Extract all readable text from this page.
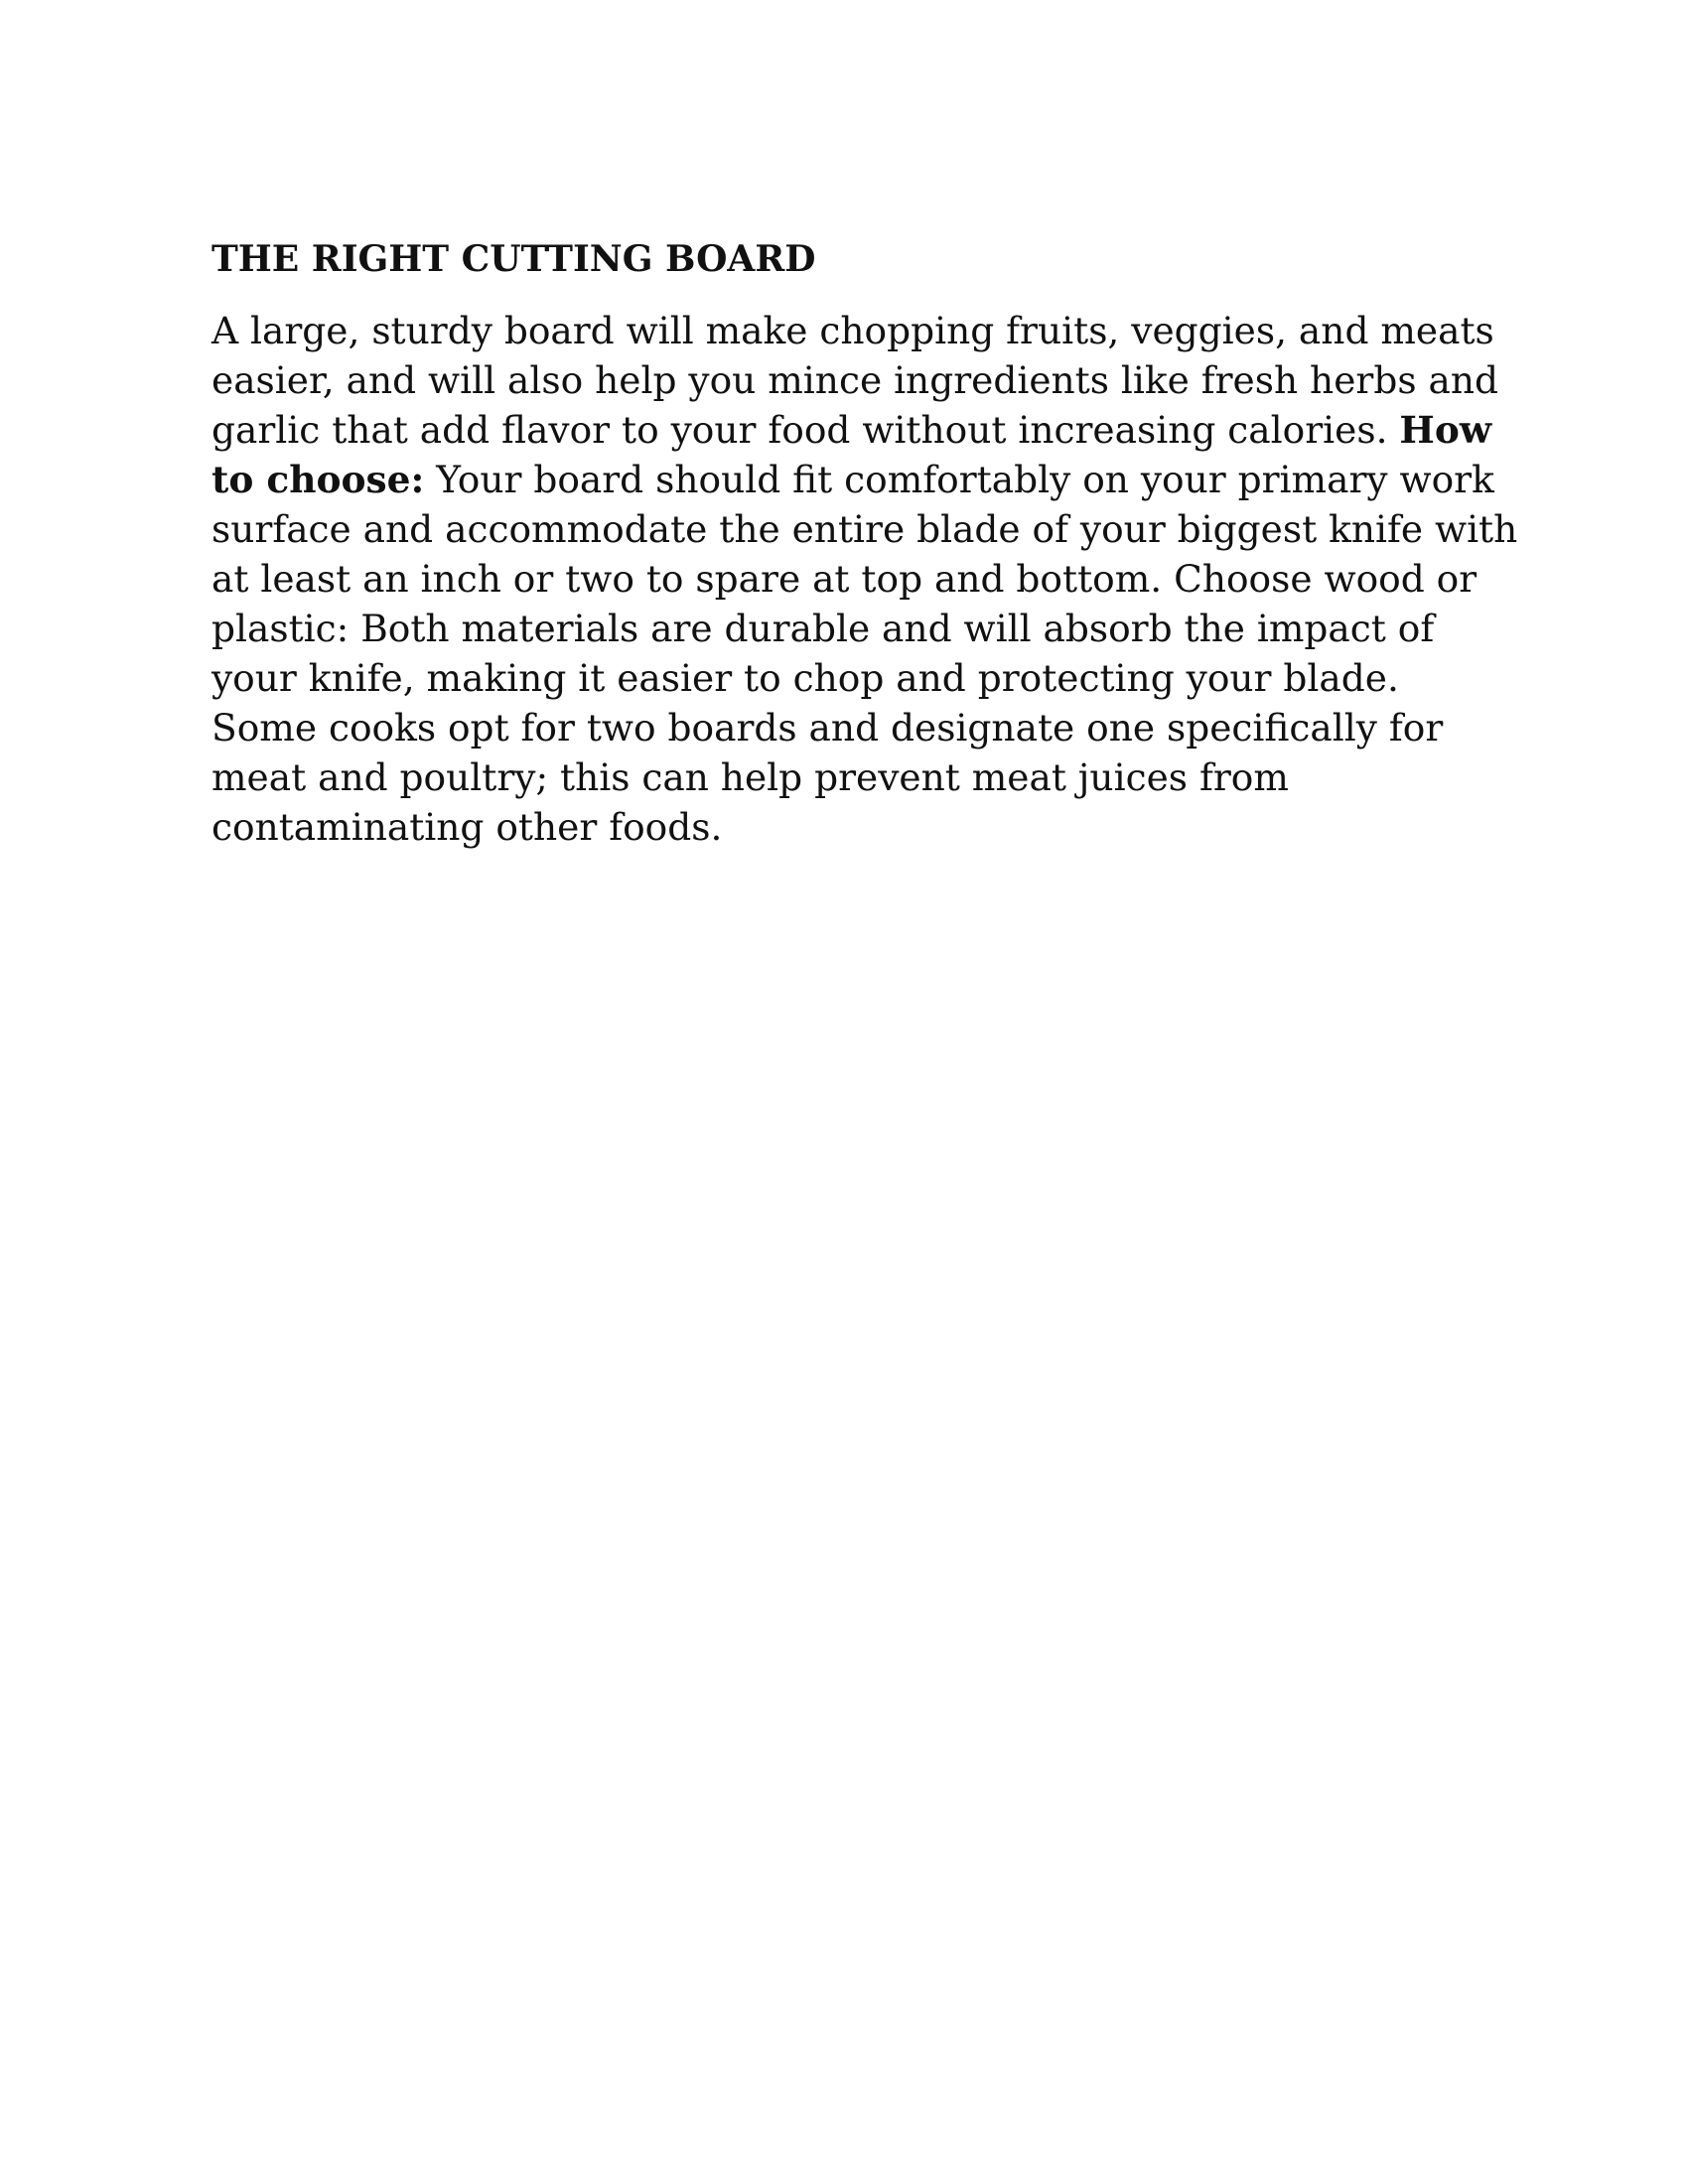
THE RIGHT CUTTING BOARD

A large, sturdy board will make chopping fruits, veggies, and meats
easier, and will also help you mince ingredients like fresh herbs and
garlic that add flavor to your food without increasing calories. How
to choose: Your board should fit comfortably on your primary work
surface and accommodate the entire blade of your biggest knife with
at least an inch or two to spare at top and bottom. Choose wood or
plastic: Both materials are durable and will absorb the impact of
your knife, making it easier to chop and protecting your blade.
Some cooks opt for two boards and designate one specifically for
meat and poultry; this can help prevent meat juices from
contaminating other foods.
